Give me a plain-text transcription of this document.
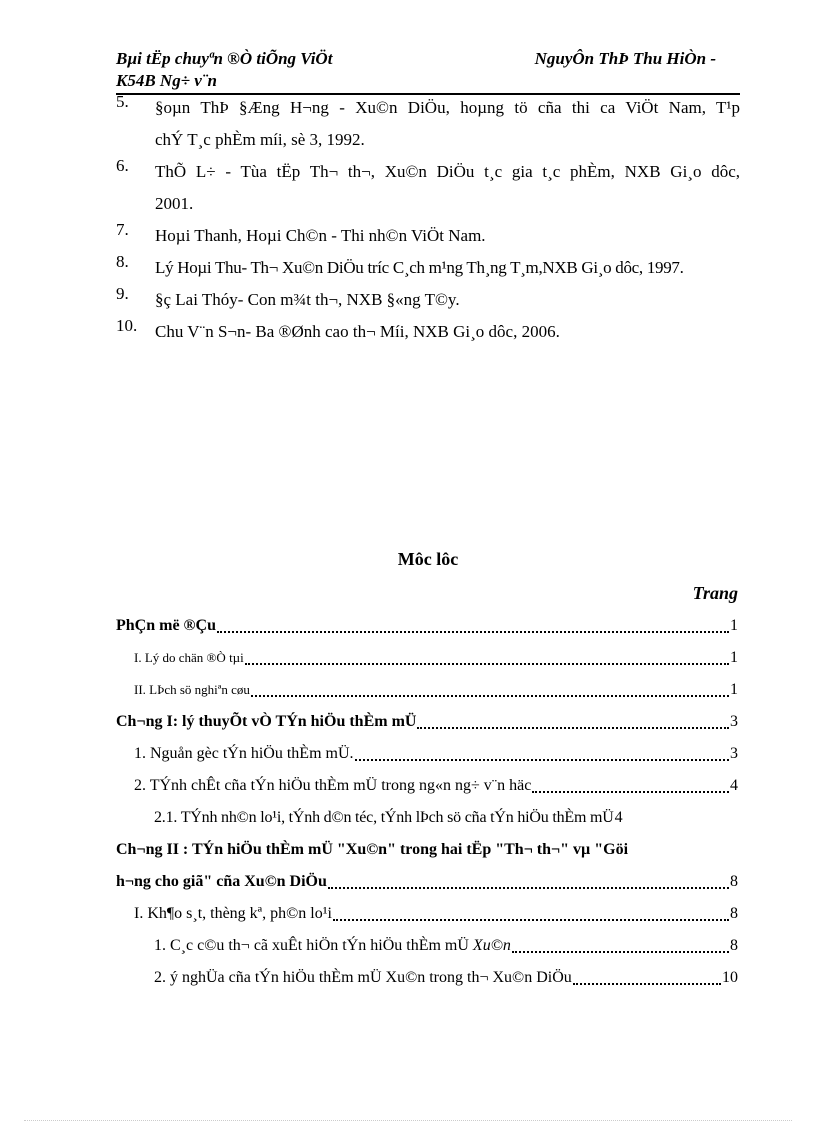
Bµi tËp chuyªn ®Ò tiÕng ViÖt	NguyÔn ThÞ Thu HiÒn -
K54B Ng÷ v¨n
5.	§oµn ThÞ §Æng H¬ng - Xu©n DiÖu, hoµng tö cña thi ca ViÖt Nam, T¹p
chÝ T¸c phÈm míi, sè 3, 1992.
6.	ThÕ L÷ - Tùa tËp Th¬ th¬, Xu©n DiÖu t¸c gia t¸c phÈm, NXB Gi¸o dôc,
2001.
7.	Hoµi Thanh, Hoµi Ch©n - Thi nh©n ViÖt Nam.
8.	Lý Hoµi Thu- Th¬ Xu©n DiÖu tríc C¸ch m¹ng Th¸ng T¸m,NXB Gi¸o dôc, 1997.
9.	§ç Lai Thóy- Con m¾t th¬, NXB §«ng T©y.
10.	Chu V¨n S¬n- Ba ®Ønh cao th¬ Míi, NXB Gi¸o dôc, 2006.
Môc lôc
Trang
PhÇn më ®Çu	1
I. Lý do chän ®Ò tµi	1
II. LÞch sö nghiªn cøu	1
Ch¬ng I: lý thuyÕt vÒ TÝn hiÖu thÈm mÜ	3
1. Nguån gèc tÝn hiÖu thÈm mÜ.	3
2. TÝnh chÊt cña tÝn hiÖu thÈm mÜ trong ng«n ng÷ v¨n häc	4
2.1. TÝnh nh©n lo¹i, tÝnh d©n téc, tÝnh lÞch sö cña tÝn hiÖu thÈm mÜ 4
Ch¬ng II : TÝn hiÖu thÈm mÜ "Xu©n" trong hai tËp "Th¬ th¬" vµ "Göi
h¬ng cho giã" cña Xu©n DiÖu	8
I. Kh¶o s¸t, thèng kª, ph©n lo¹i	8
1. C¸c c©u th¬ cã xuÊt hiÖn tÝn hiÖu thÈm mÜ Xu©n	8
2. ý nghÜa cña tÝn hiÖu thÈm mÜ Xu©n trong th¬ Xu©n DiÖu	10
